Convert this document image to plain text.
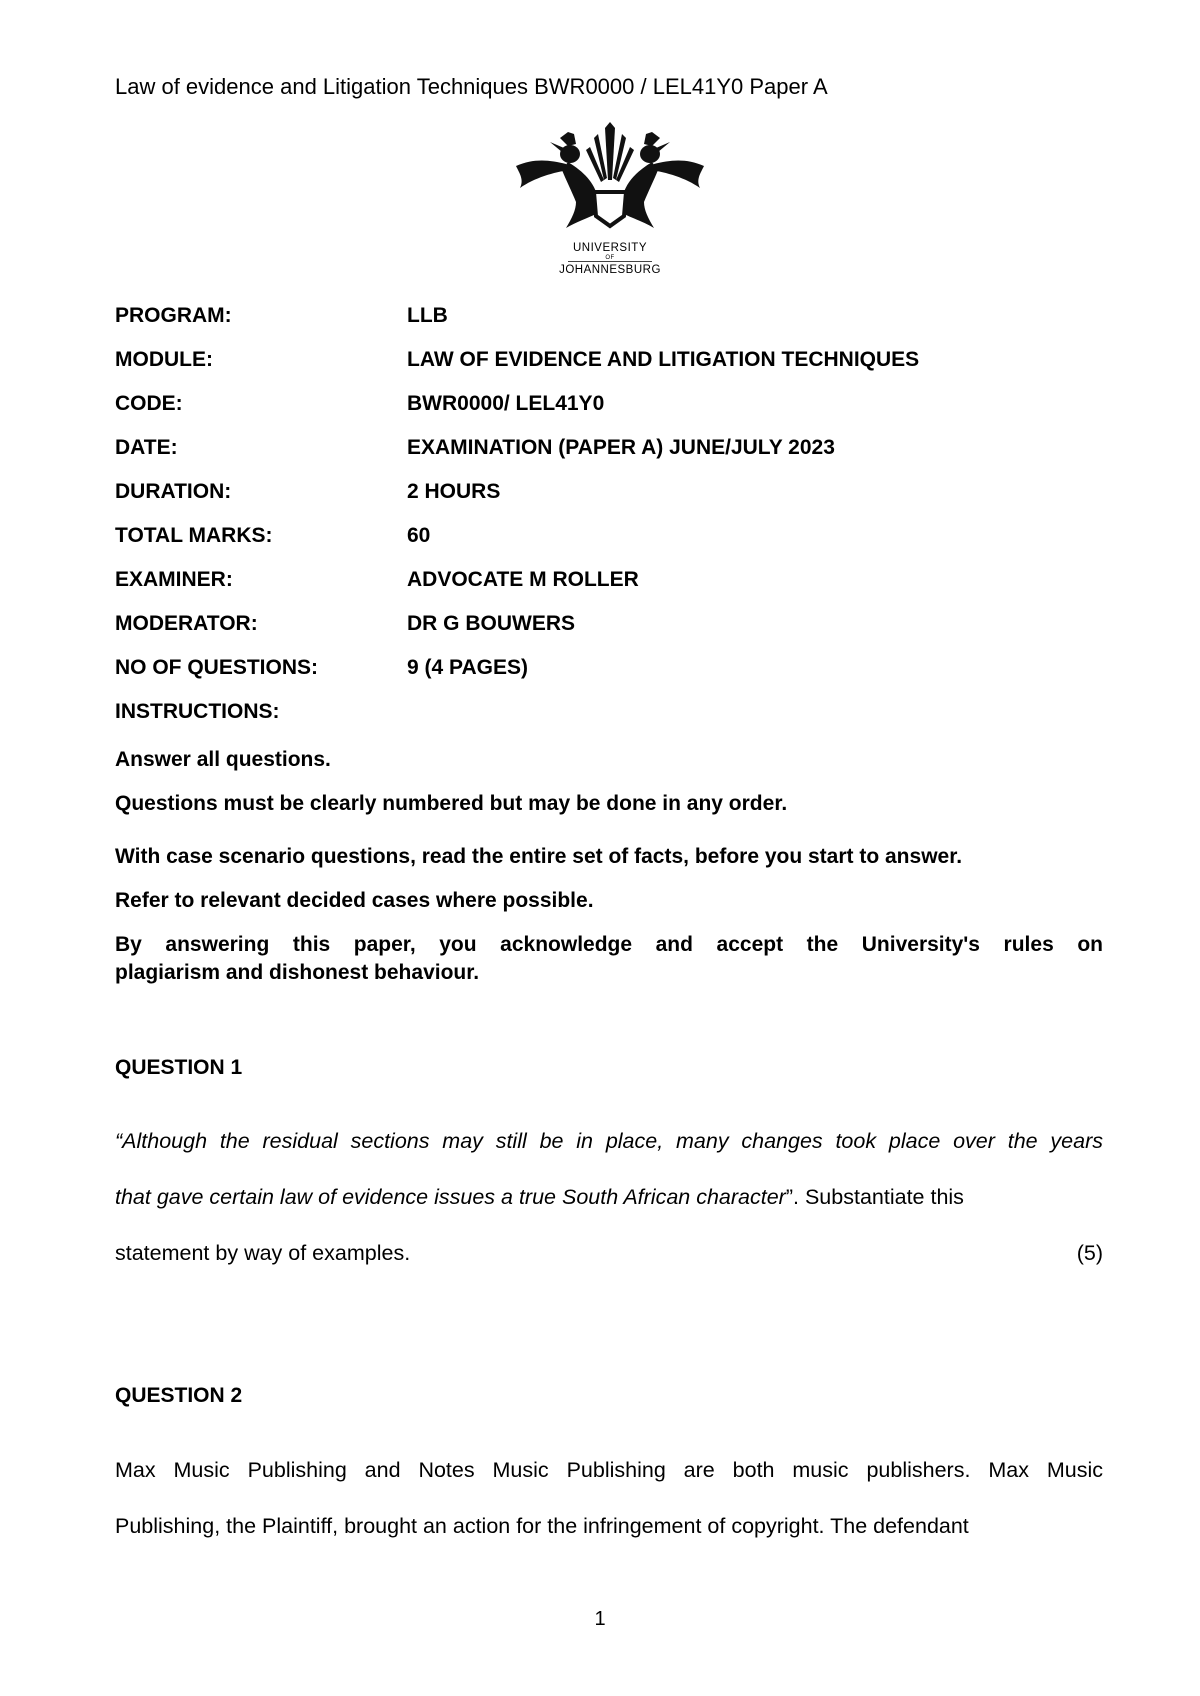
Law of evidence and Litigation Techniques BWR0000 / LEL41Y0 Paper A
UNIVERSITY
OF
JOHANNESBURG
PROGRAM:	LLB
MODULE:	LAW OF EVIDENCE AND LITIGATION TECHNIQUES
CODE:	BWR0000/ LEL41Y0
DATE:	EXAMINATION (PAPER A) JUNE/JULY 2023
DURATION:	2 HOURS
TOTAL MARKS:	60
EXAMINER:	ADVOCATE M ROLLER
MODERATOR:	DR G BOUWERS
NO OF QUESTIONS:	9 (4 PAGES)
INSTRUCTIONS:
Answer all questions.
Questions must be clearly numbered but may be done in any order.
With case scenario questions, read the entire set of facts, before you start to answer.
Refer to relevant decided cases where possible.
By answering this paper, you acknowledge and accept the University's rules on
plagiarism and dishonest behaviour.
QUESTION 1
“Although the residual sections may still be in place, many changes took place over the years
that gave certain law of evidence issues a true South African character”. Substantiate this
statement by way of examples.	(5)
QUESTION 2
Max Music Publishing and Notes Music Publishing are both music publishers. Max Music
Publishing, the Plaintiff, brought an action for the infringement of copyright. The defendant
1
